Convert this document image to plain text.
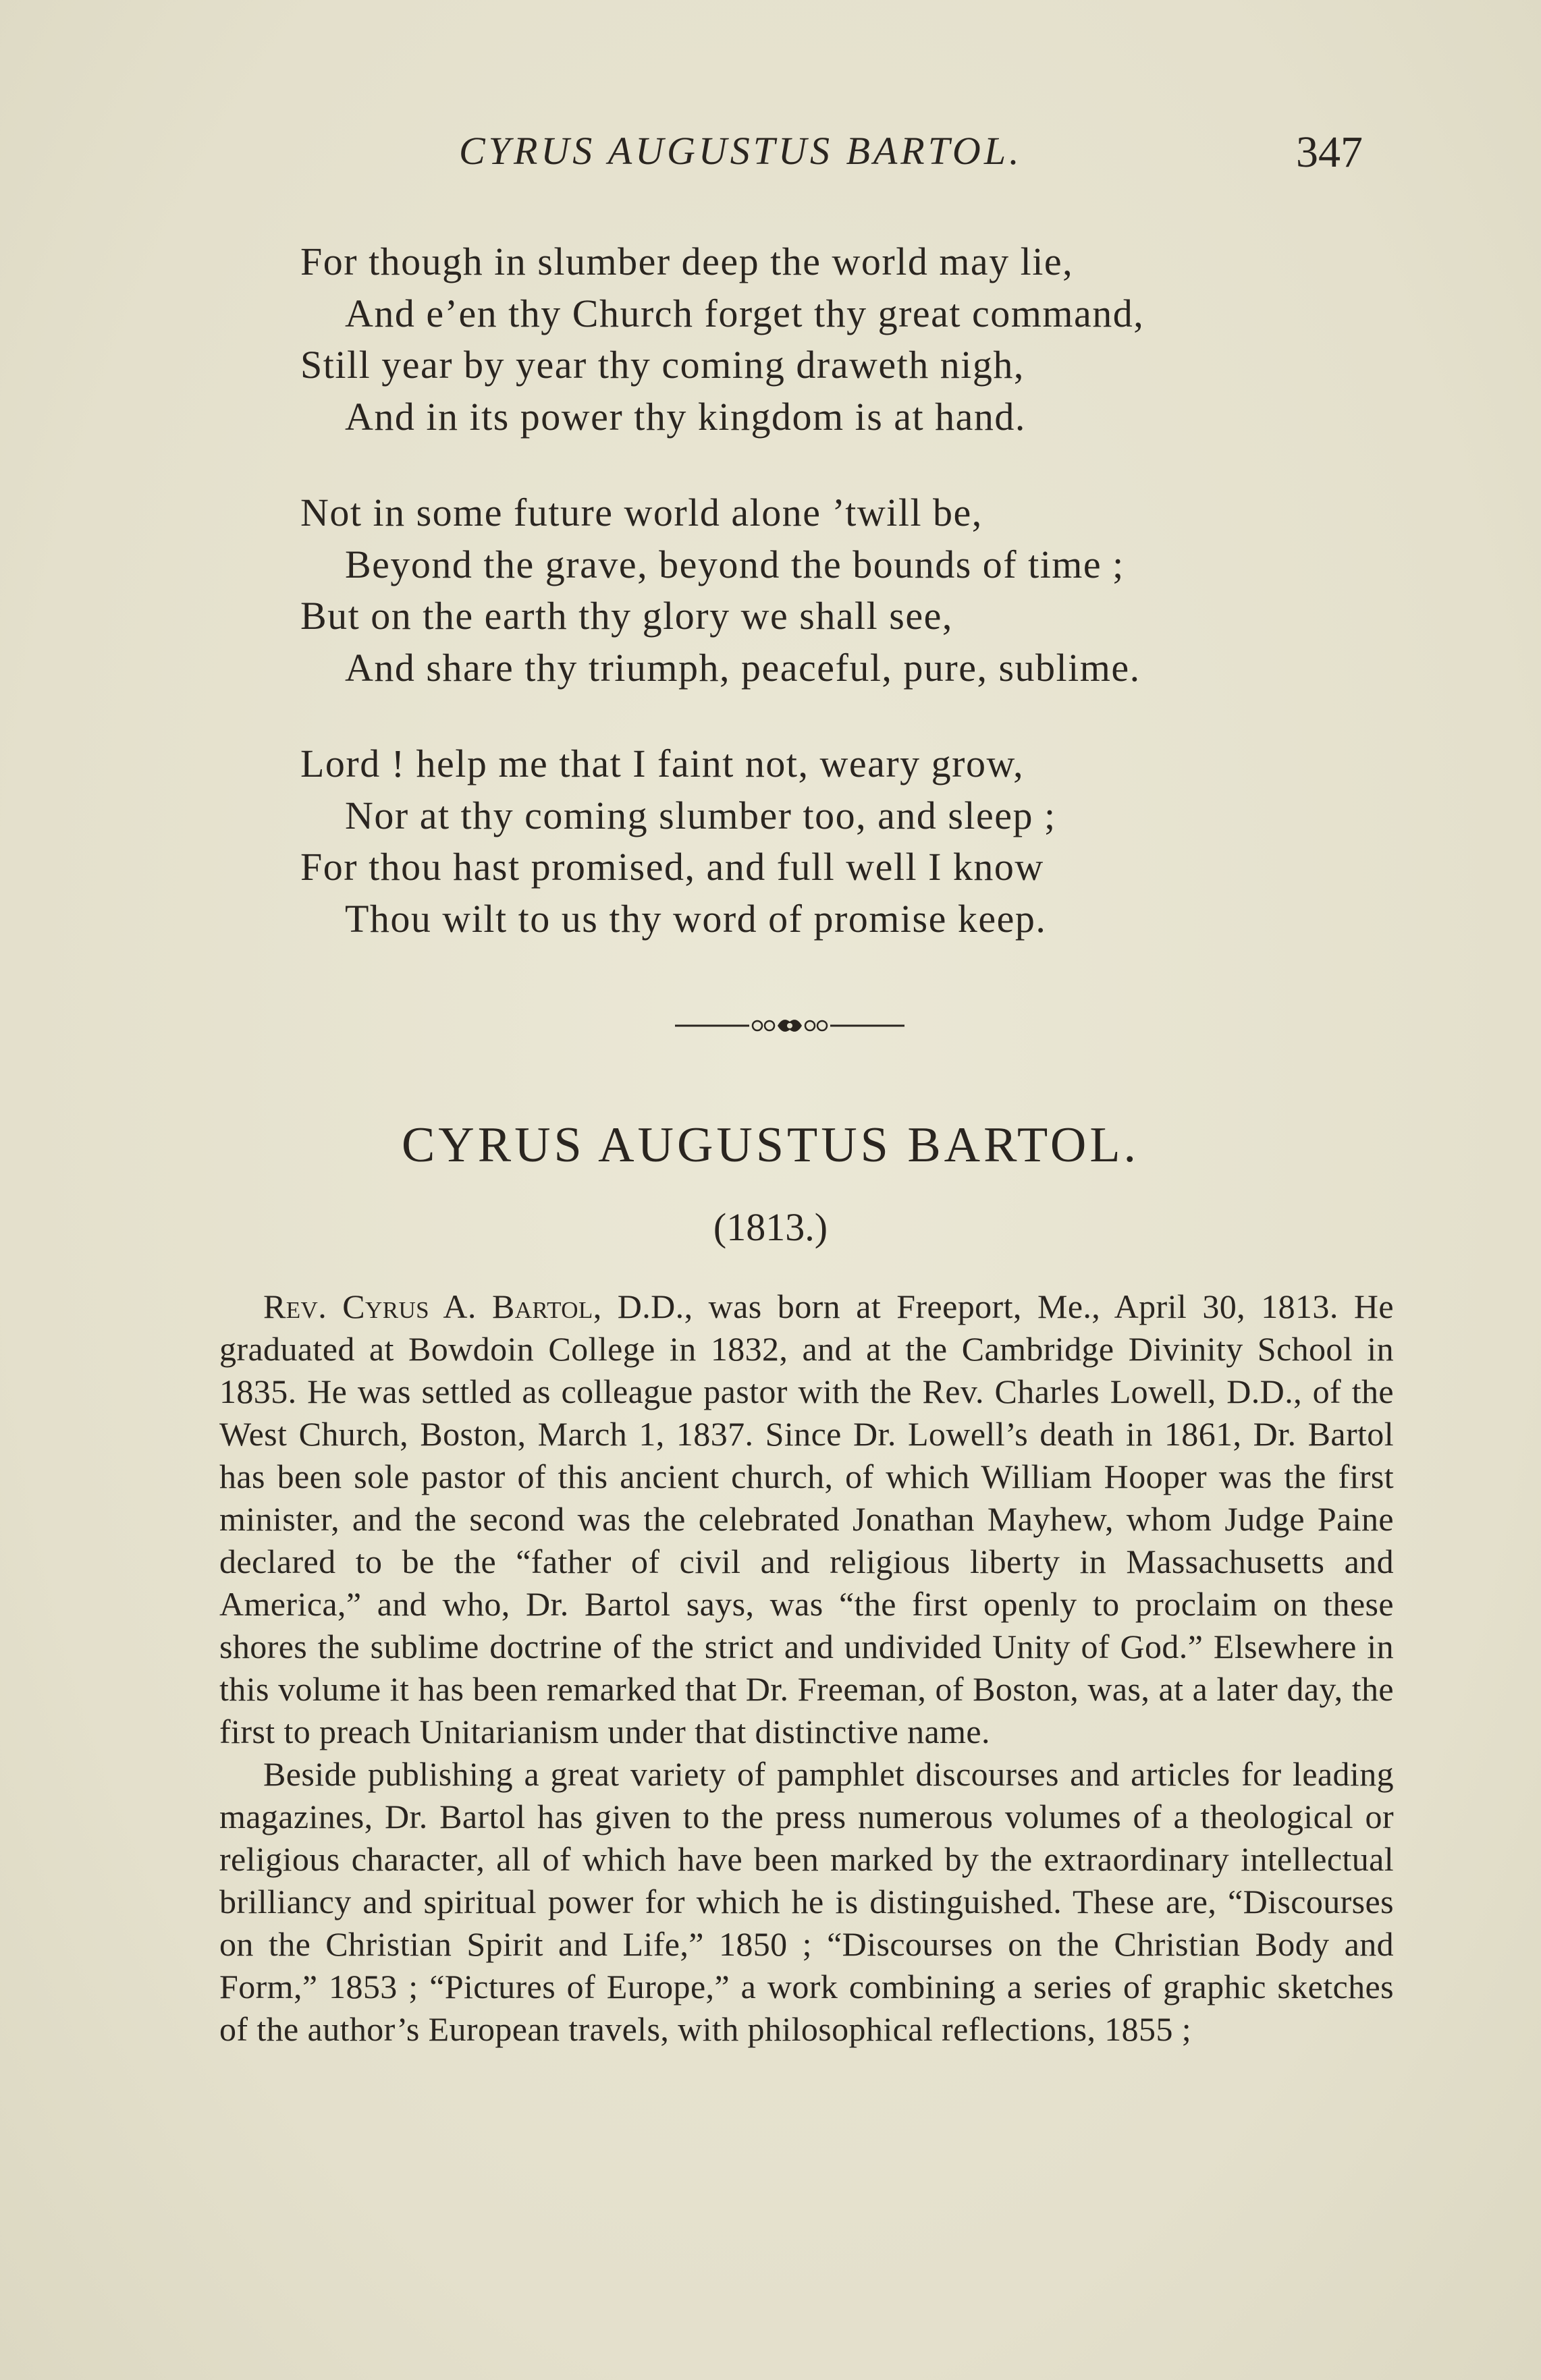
CYRUS AUGUSTUS BARTOL.	347
For though in slumber deep the world may lie,
And e’en thy Church forget thy great command,
Still year by year thy coming draweth nigh,
And in its power thy kingdom is at hand.
Not in some future world alone ’twill be,
Beyond the grave, beyond the bounds of time ;
But on the earth thy glory we shall see,
And share thy triumph, peaceful, pure, sublime.
Lord ! help me that I faint not, weary grow,
Nor at thy coming slumber too, and sleep ;
For thou hast promised, and full well I know
Thou wilt to us thy word of promise keep.
CYRUS AUGUSTUS BARTOL.
(1813.)

Rev. Cyrus A. Bartol, D.D., was born at Freeport, Me., April 30, 1813. He graduated at Bowdoin College in 1832, and at the Cambridge Divinity School in 1835. He was settled as colleague pastor with the Rev. Charles Lowell, D.D., of the West Church, Boston, March 1, 1837. Since Dr. Lowell’s death in 1861, Dr. Bartol has been sole pastor of this ancient church, of which William Hooper was the first minister, and the second was the celebrated Jonathan Mayhew, whom Judge Paine declared to be the “father of civil and religious liberty in Massachusetts and America,” and who, Dr. Bartol says, was “the first openly to proclaim on these shores the sublime doctrine of the strict and undivided Unity of God.” Elsewhere in this volume it has been remarked that Dr. Freeman, of Boston, was, at a later day, the first to preach Unitarianism under that distinctive name.

Beside publishing a great variety of pamphlet discourses and articles for leading magazines, Dr. Bartol has given to the press numerous volumes of a theological or religious character, all of which have been marked by the extraordinary intellectual brilliancy and spiritual power for which he is distinguished. These are, “Discourses on the Christian Spirit and Life,” 1850 ; “Discourses on the Christian Body and Form,” 1853 ; “Pictures of Europe,” a work combining a series of graphic sketches of the author’s European travels, with philosophical reflections, 1855 ;
